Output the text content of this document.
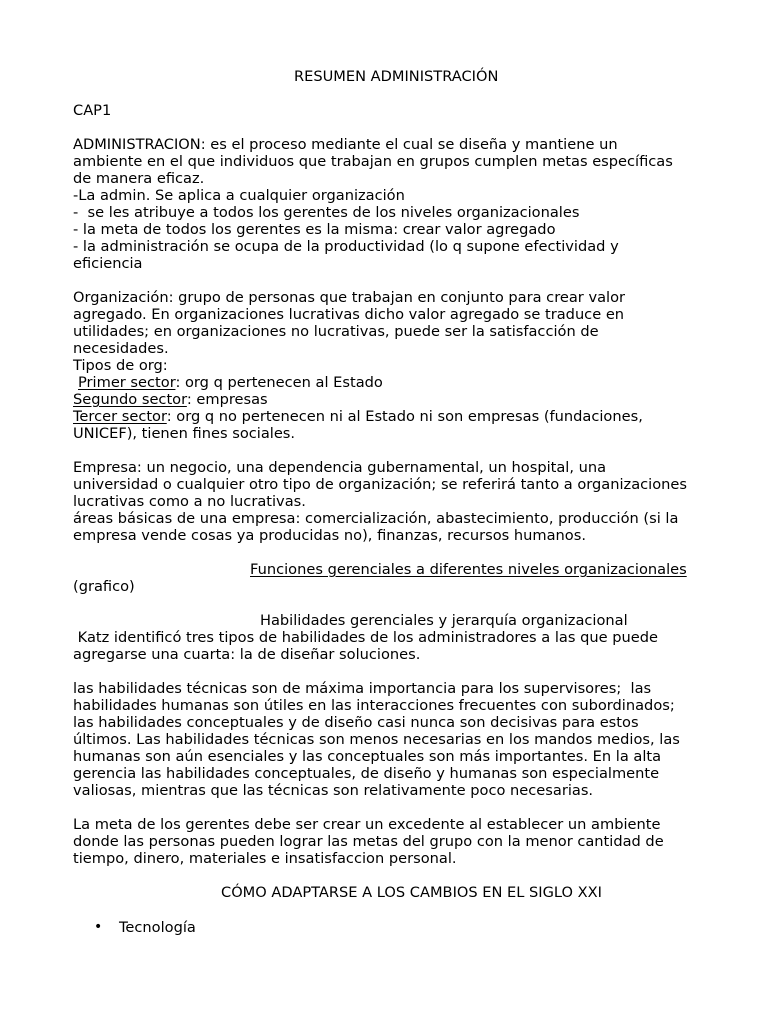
RESUMEN ADMINISTRACIÓN

CAP1

ADMINISTRACION: es el proceso mediante el cual se diseña y mantiene un

ambiente en el que individuos que trabajan en grupos cumplen metas específicas

de manera eficaz.

-La admin. Se aplica a cualquier organización

-  se les atribuye a todos los gerentes de los niveles organizacionales

- la meta de todos los gerentes es la misma: crear valor agregado

- la administración se ocupa de la productividad (lo q supone efectividad y

eficiencia

Organización: grupo de personas que trabajan en conjunto para crear valor

agregado. En organizaciones lucrativas dicho valor agregado se traduce en

utilidades; en organizaciones no lucrativas, puede ser la satisfacción de

necesidades.

Tipos de org:

Primer sector: org q pertenecen al Estado

Segundo sector: empresas

Tercer sector: org q no pertenecen ni al Estado ni son empresas (fundaciones,

UNICEF), tienen fines sociales.

Empresa: un negocio, una dependencia gubernamental, un hospital, una

universidad o cualquier otro tipo de organización; se referirá tanto a organizaciones

lucrativas como a no lucrativas.

áreas básicas de una empresa: comercialización, abastecimiento, producción (si la

empresa vende cosas ya producidas no), finanzas, recursos humanos.

Funciones gerenciales a diferentes niveles organizacionales

(grafico)

Habilidades gerenciales y jerarquía organizacional

Katz identificó tres tipos de habilidades de los administradores a las que puede

agregarse una cuarta: la de diseñar soluciones.

las habilidades técnicas son de máxima importancia para los supervisores;  las

habilidades humanas son útiles en las interacciones frecuentes con subordinados;

las habilidades conceptuales y de diseño casi nunca son decisivas para estos

últimos. Las habilidades técnicas son menos necesarias en los mandos medios, las

humanas son aún esenciales y las conceptuales son más importantes. En la alta

gerencia las habilidades conceptuales, de diseño y humanas son especialmente

valiosas, mientras que las técnicas son relativamente poco necesarias.

La meta de los gerentes debe ser crear un excedente al establecer un ambiente

donde las personas pueden lograr las metas del grupo con la menor cantidad de

tiempo, dinero, materiales e insatisfaccion personal.

CÓMO ADAPTARSE A LOS CAMBIOS EN EL SIGLO XXI

• Tecnología
